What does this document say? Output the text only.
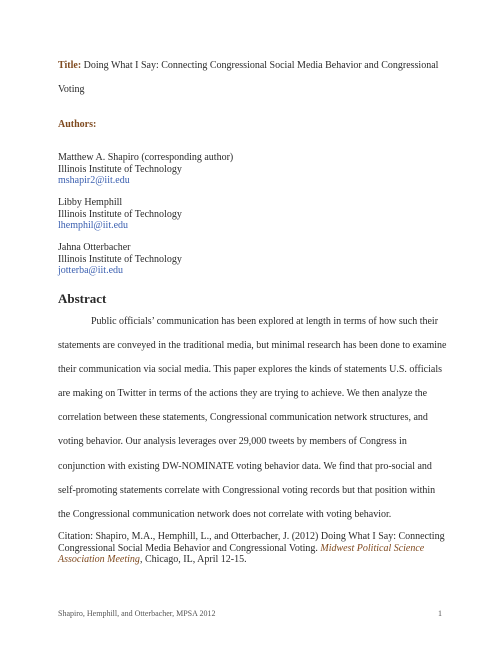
Title: Doing What I Say: Connecting Congressional Social Media Behavior and Congressional
Voting
Authors:
Matthew A. Shapiro (corresponding author)
Illinois Institute of Technology
mshapir2@iit.edu
Libby Hemphill
Illinois Institute of Technology
lhemphil@iit.edu
Jahna Otterbacher
Illinois Institute of Technology
jotterba@iit.edu
Abstract
Public officials’ communication has been explored at length in terms of how such their
statements are conveyed in the traditional media, but minimal research has been done to examine
their communication via social media. This paper explores the kinds of statements U.S. officials
are making on Twitter in terms of the actions they are trying to achieve. We then analyze the
correlation between these statements, Congressional communication network structures, and
voting behavior. Our analysis leverages over 29,000 tweets by members of Congress in
conjunction with existing DW-NOMINATE voting behavior data. We find that pro-social and
self-promoting statements correlate with Congressional voting records but that position within
the Congressional communication network does not correlate with voting behavior.
Citation: Shapiro, M.A., Hemphill, L., and Otterbacher, J. (2012) Doing What I Say: Connecting
Congressional Social Media Behavior and Congressional Voting. Midwest Political Science
Association Meeting, Chicago, IL, April 12-15.
Shapiro, Hemphill, and Otterbacher, MPSA 2012	1
